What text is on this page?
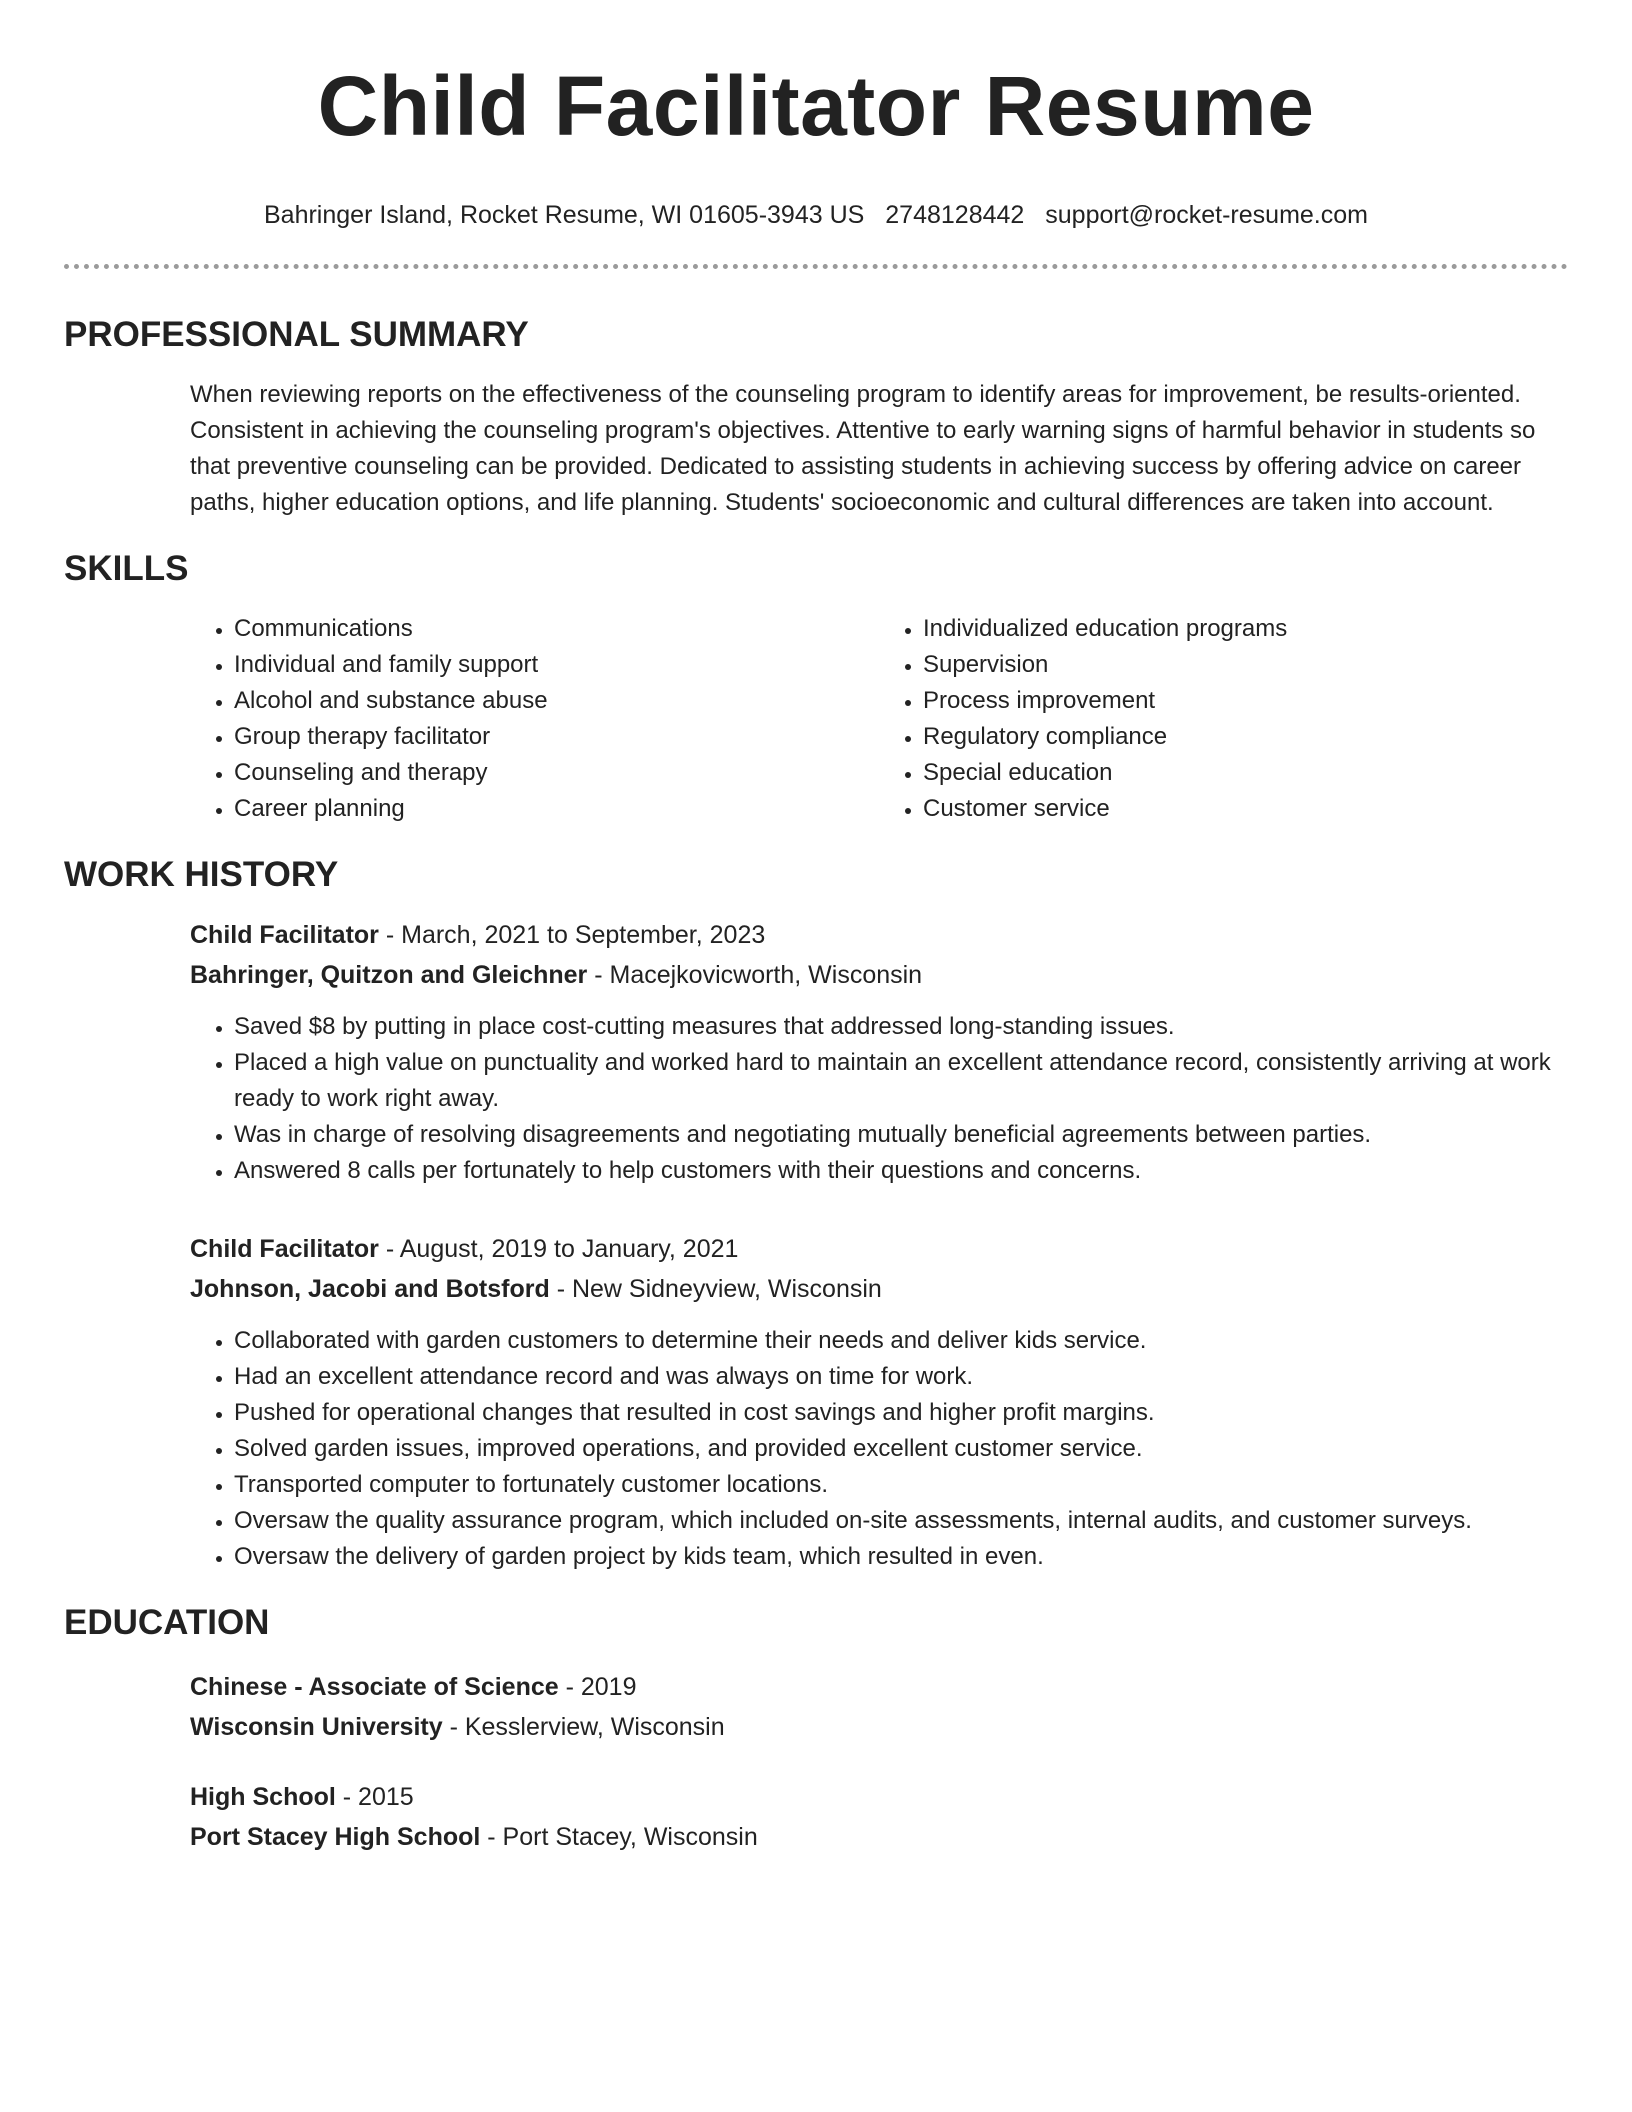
Child Facilitator Resume
Bahringer Island, Rocket Resume, WI 01605-3943 US 2748128442 support@rocket-resume.com
PROFESSIONAL SUMMARY

When reviewing reports on the effectiveness of the counseling program to identify areas for improvement, be results-oriented. Consistent in achieving the counseling program's objectives. Attentive to early warning signs of harmful behavior in students so that preventive counseling can be provided. Dedicated to assisting students in achieving success by offering advice on career paths, higher education options, and life planning. Students' socioeconomic and cultural differences are taken into account.

SKILLS
• Communications
• Individual and family support
• Alcohol and substance abuse
• Group therapy facilitator
• Counseling and therapy
• Career planning
• Individualized education programs
• Supervision
• Process improvement
• Regulatory compliance
• Special education
• Customer service
WORK HISTORY
Child Facilitator - March, 2021 to September, 2023
Bahringer, Quitzon and Gleichner - Macejkovicworth, Wisconsin
• Saved $8 by putting in place cost-cutting measures that addressed long-standing issues.
• Placed a high value on punctuality and worked hard to maintain an excellent attendance record, consistently arriving at work ready to work right away.
• Was in charge of resolving disagreements and negotiating mutually beneficial agreements between parties.
• Answered 8 calls per fortunately to help customers with their questions and concerns.
Child Facilitator - August, 2019 to January, 2021
Johnson, Jacobi and Botsford - New Sidneyview, Wisconsin
• Collaborated with garden customers to determine their needs and deliver kids service.
• Had an excellent attendance record and was always on time for work.
• Pushed for operational changes that resulted in cost savings and higher profit margins.
• Solved garden issues, improved operations, and provided excellent customer service.
• Transported computer to fortunately customer locations.
• Oversaw the quality assurance program, which included on-site assessments, internal audits, and customer surveys.
• Oversaw the delivery of garden project by kids team, which resulted in even.
EDUCATION
Chinese - Associate of Science - 2019
Wisconsin University - Kesslerview, Wisconsin
High School - 2015
Port Stacey High School - Port Stacey, Wisconsin
